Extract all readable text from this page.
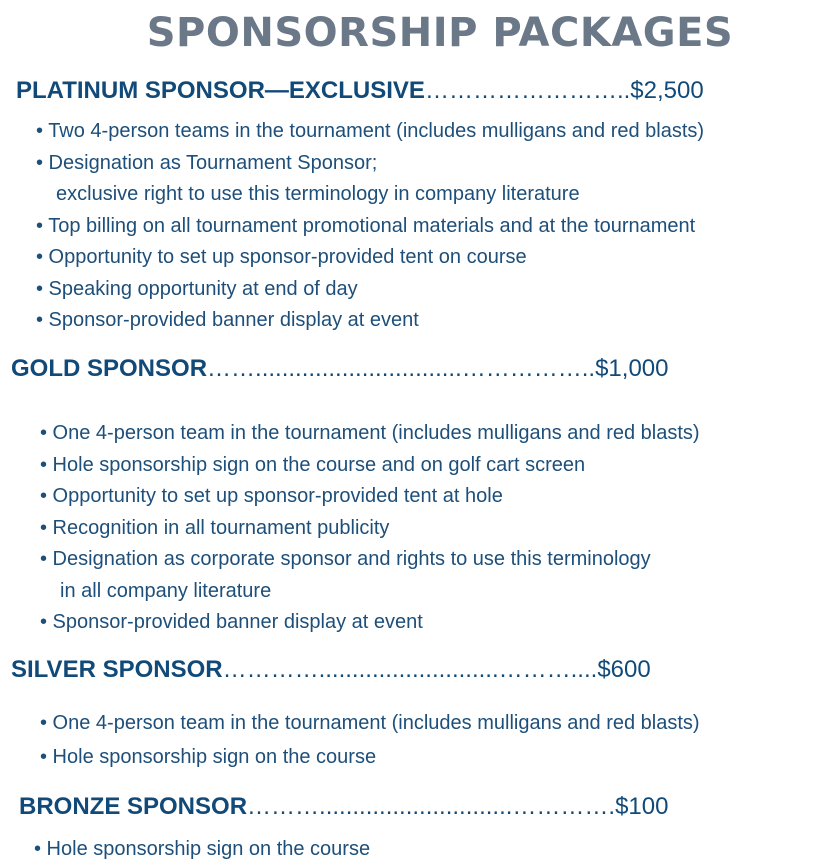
SPONSORSHIP PACKAGES
PLATINUM SPONSOR—EXCLUSIVE……………………..$2,500
• Two 4-person teams in the tournament (includes mulligans and red blasts)
• Designation as Tournament Sponsor;
exclusive right to use this terminology in company literature
• Top billing on all tournament promotional materials and at the tournament
• Opportunity to set up sponsor-provided tent on course
• Speaking opportunity at end of day
• Sponsor-provided banner display at event
GOLD SPONSOR……...............................……………..$1,000
• One 4-person team in the tournament (includes mulligans and red blasts)
• Hole sponsorship sign on the course and on golf cart screen
• Opportunity to set up sponsor-provided tent at hole
• Recognition in all tournament publicity
• Designation as corporate sponsor and rights to use this terminology
in all company literature
• Sponsor-provided banner display at event
SILVER SPONSOR…………...........................………....$600
• One 4-person team in the tournament (includes mulligans and red blasts)
• Hole sponsorship sign on the course
BRONZE SPONSOR……….............................………….$100
• Hole sponsorship sign on the course
